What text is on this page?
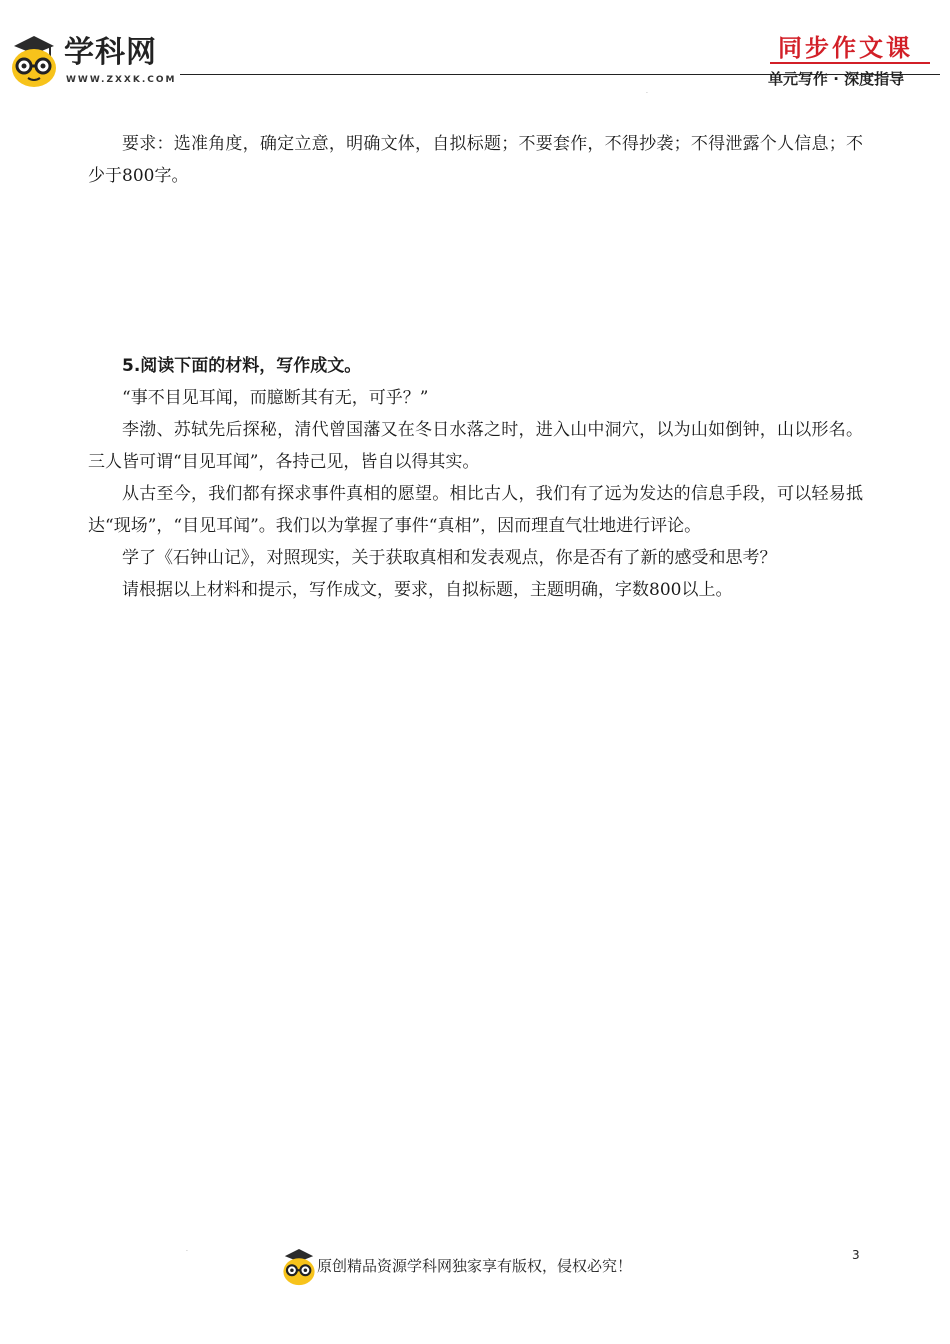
学科网
WWW.ZXXK.COM
同步作文课
单元写作 · 深度指导
.

要求：选准角度，确定立意，明确文体，自拟标题；不要套作，不得抄袭；不得泄露个人信息；不少于800字。

5.阅读下面的材料，写作成文。

“事不目见耳闻，而臆断其有无，可乎？”

李渤、苏轼先后探秘，清代曾国藩又在冬日水落之时，进入山中洞穴，以为山如倒钟，山以形名。三人皆可谓“目见耳闻”，各持己见，皆自以得其实。

从古至今，我们都有探求事件真相的愿望。相比古人，我们有了远为发达的信息手段，可以轻易抵达“现场”，“目见耳闻”。我们以为掌握了事件“真相”，因而理直气壮地进行评论。

学了《石钟山记》，对照现实，关于获取真相和发表观点，你是否有了新的感受和思考？

请根据以上材料和提示，写作成文，要求，自拟标题，主题明确，字数800以上。

.
原创精品资源学科网独家享有版权，侵权必究！
3
